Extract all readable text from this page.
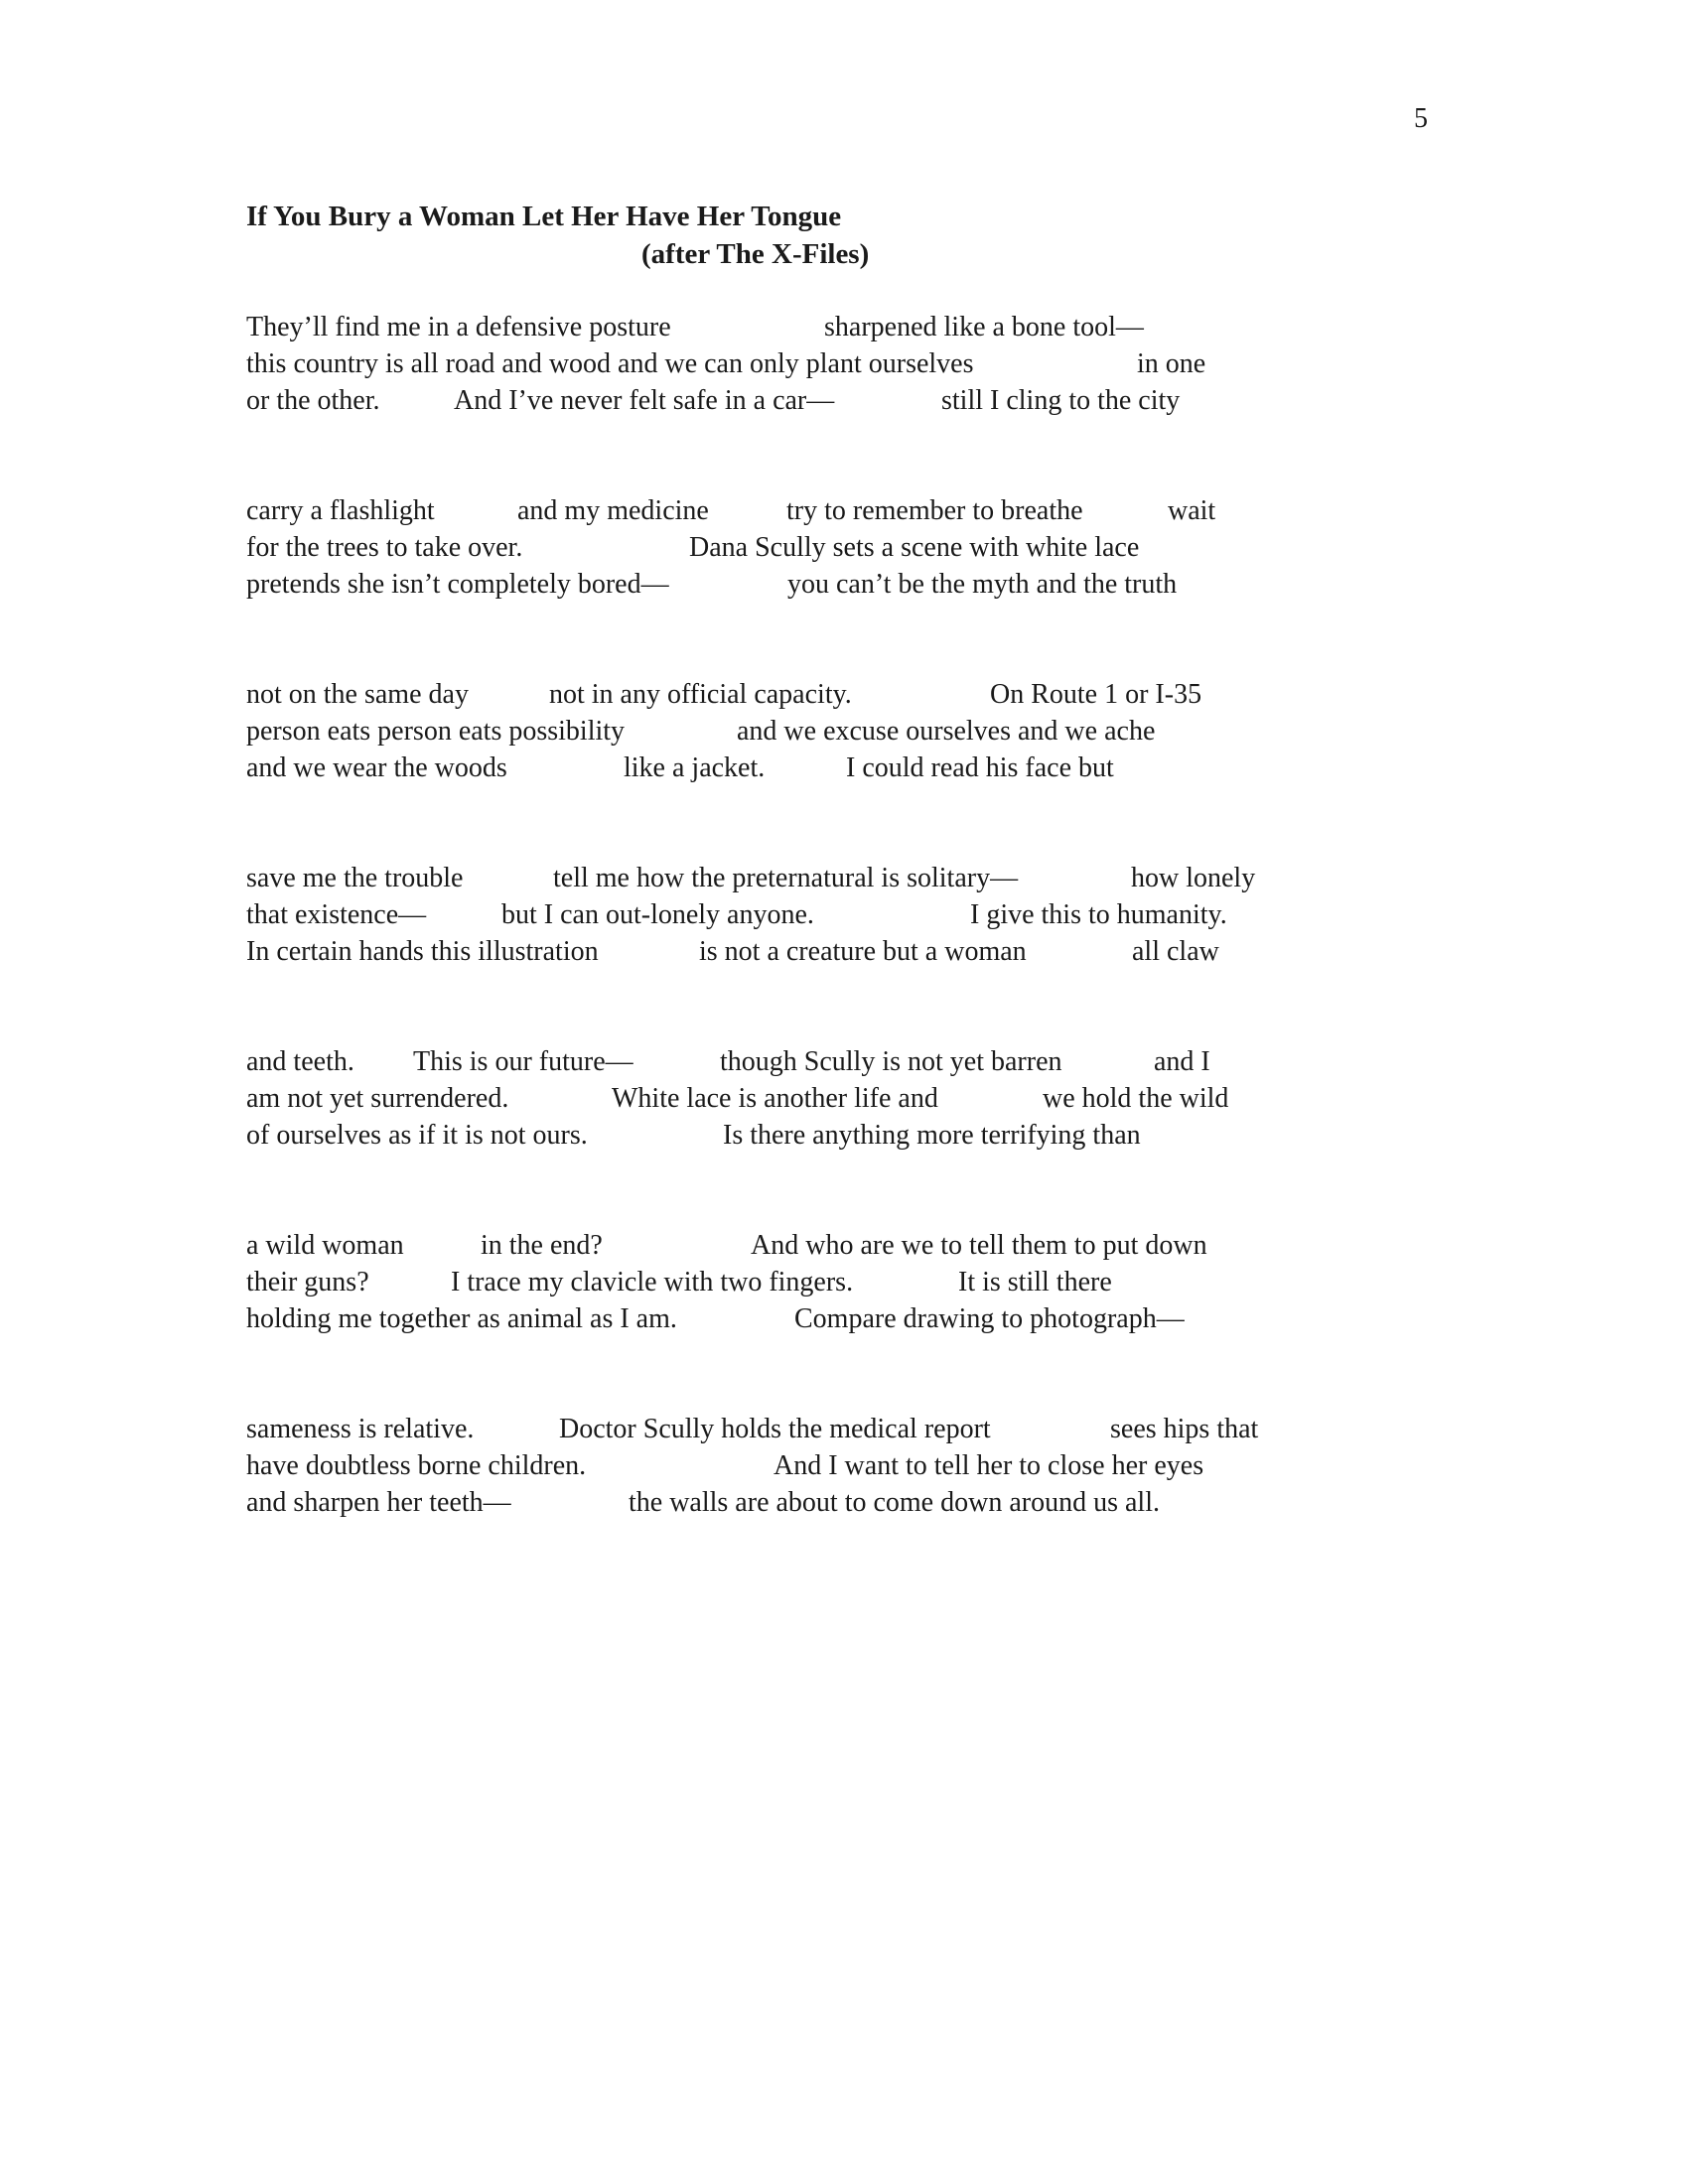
5

If You Bury a Woman Let Her Have Her Tongue

(after The X-Files)

They’ll find me in a defensive posture	sharpened like a bone tool—
this country is all road and wood and we can only plant ourselves	in one
or the other.	And I’ve never felt safe in a car—	still I cling to the city
carry a flashlight	and my medicine	try to remember to breathe	wait
for the trees to take over.	Dana Scully sets a scene with white lace
pretends she isn’t completely bored—	you can’t be the myth and the truth
not on the same day	not in any official capacity.	On Route 1 or I-35
person eats person eats possibility	and we excuse ourselves and we ache
and we wear the woods	like a jacket.	I could read his face but
save me the trouble	tell me how the preternatural is solitary—	how lonely
that existence—	but I can out-lonely anyone.	I give this to humanity.
In certain hands this illustration	is not a creature but a woman	all claw
and teeth. This is our future—	though Scully is not yet barren	and I
am not yet surrendered.	White lace is another life and	we hold the wild
of ourselves as if it is not ours.	Is there anything more terrifying than
a wild woman	in the end?	And who are we to tell them to put down
their guns?	I trace my clavicle with two fingers.	It is still there
holding me together as animal as I am.	Compare drawing to photograph—
sameness is relative.	Doctor Scully holds the medical report	sees hips that
have doubtless borne children.	And I want to tell her to close her eyes
and sharpen her teeth—	the walls are about to come down around us all.
